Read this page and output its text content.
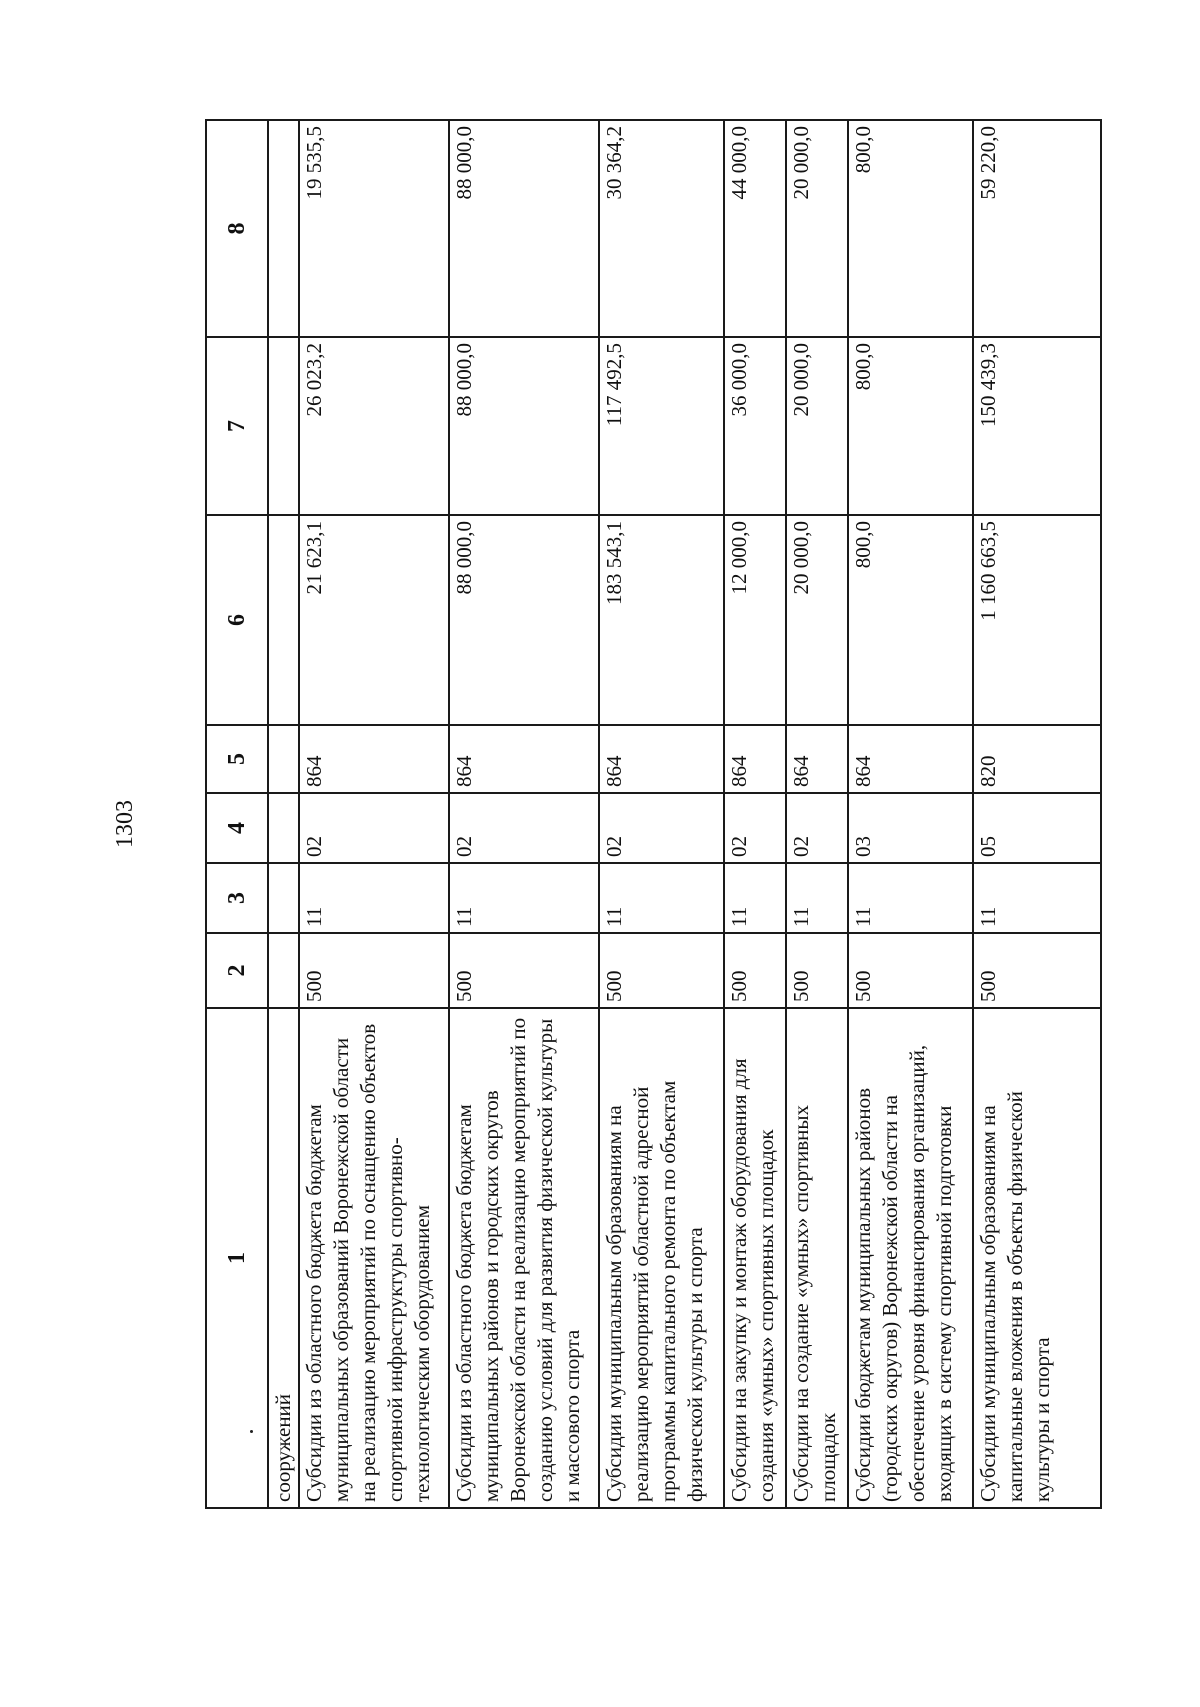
1303
1	2	3	4	5	6	7	8
сооружений							
Субсидии из областного бюджета бюджетам муниципальных образований Воронежской области на реализацию мероприятий по оснащению объектов спортивной инфраструктуры спортивно-технологическим оборудованием	500	11	02	864	21 623,1	26 023,2	19 535,5
Субсидии из областного бюджета бюджетам муниципальных районов и городских округов Воронежской области на реализацию мероприятий по созданию условий для развития физической культуры и массового спорта	500	11	02	864	88 000,0	88 000,0	88 000,0
Субсидии муниципальным образованиям на реализацию мероприятий областной адресной программы капитального ремонта по объектам физической культуры и спорта	500	11	02	864	183 543,1	117 492,5	30 364,2
Субсидии на закупку и монтаж оборудования для создания «умных» спортивных площадок	500	11	02	864	12 000,0	36 000,0	44 000,0
Субсидии на создание «умных» спортивных площадок	500	11	02	864	20 000,0	20 000,0	20 000,0
Субсидии бюджетам муниципальных районов (городских округов) Воронежской области на обеспечение уровня финансирования организаций, входящих в систему спортивной подготовки	500	11	03	864	800,0	800,0	800,0
Субсидии муниципальным образованиям на капитальные вложения в объекты физической культуры и спорта	500	11	05	820	1 160 663,5	150 439,3	59 220,0
